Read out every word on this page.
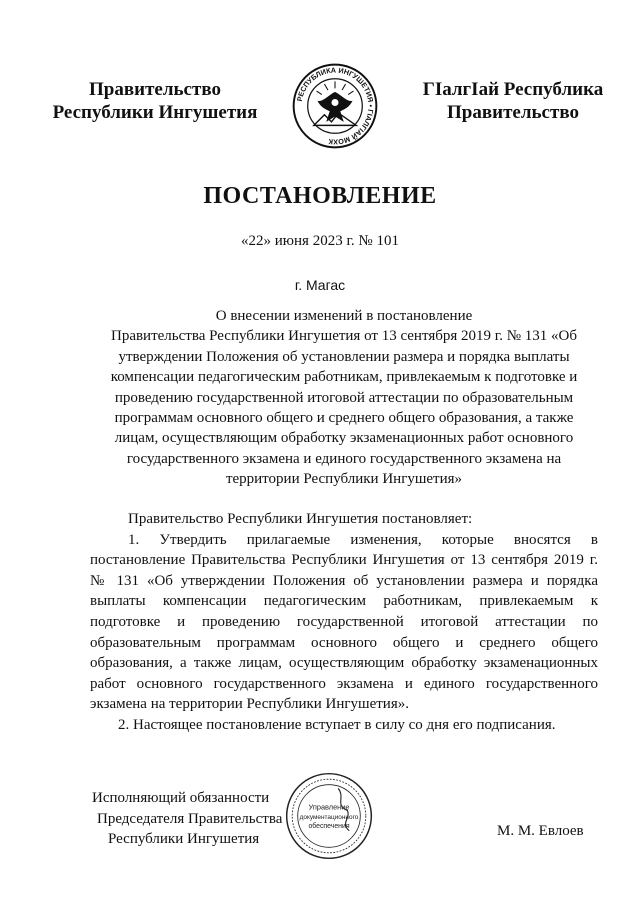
Правительство
Республики Ингушетия
РЕСПУБЛИКА ИНГУШЕТИЯ • ГIАЛГIАЙ МОХК
ГIалгIай Республика
Правительство
ПОСТАНОВЛЕНИЕ
«22» июня 2023 г. № 101
г. Магас
О внесении изменений в постановление
Правительства Республики Ингушетия от 13 сентября 2019 г. № 131 «Об
утверждении Положения об установлении размера и порядка выплаты
компенсации педагогическим работникам, привлекаемым к подготовке и
проведению государственной итоговой аттестации по образовательным
программам основного общего и среднего общего образования, а также
лицам, осуществляющим обработку экзаменационных работ основного
государственного экзамена и единого государственного экзамена на
территории Республики Ингушетия»
Правительство Республики Ингушетия постановляет:
1. Утвердить прилагаемые изменения, которые вносятся в
постановление Правительства Республики Ингушетия от 13 сентября 2019 г.
№ 131 «Об утверждении Положения об установлении размера и порядка
выплаты компенсации педагогическим работникам, привлекаемым к
подготовке и проведению государственной итоговой аттестации по
образовательным программам основного общего и среднего общего
образования, а также лицам, осуществляющим обработку экзаменационных
работ основного государственного экзамена и единого государственного
экзамена на территории Республики Ингушетия».
2. Настоящее постановление вступает в силу со дня его подписания.
Исполняющий обязанности
Председателя Правительства
Республики Ингушетия
Управление
документационного
обеспечения	М. М. Евлоев
